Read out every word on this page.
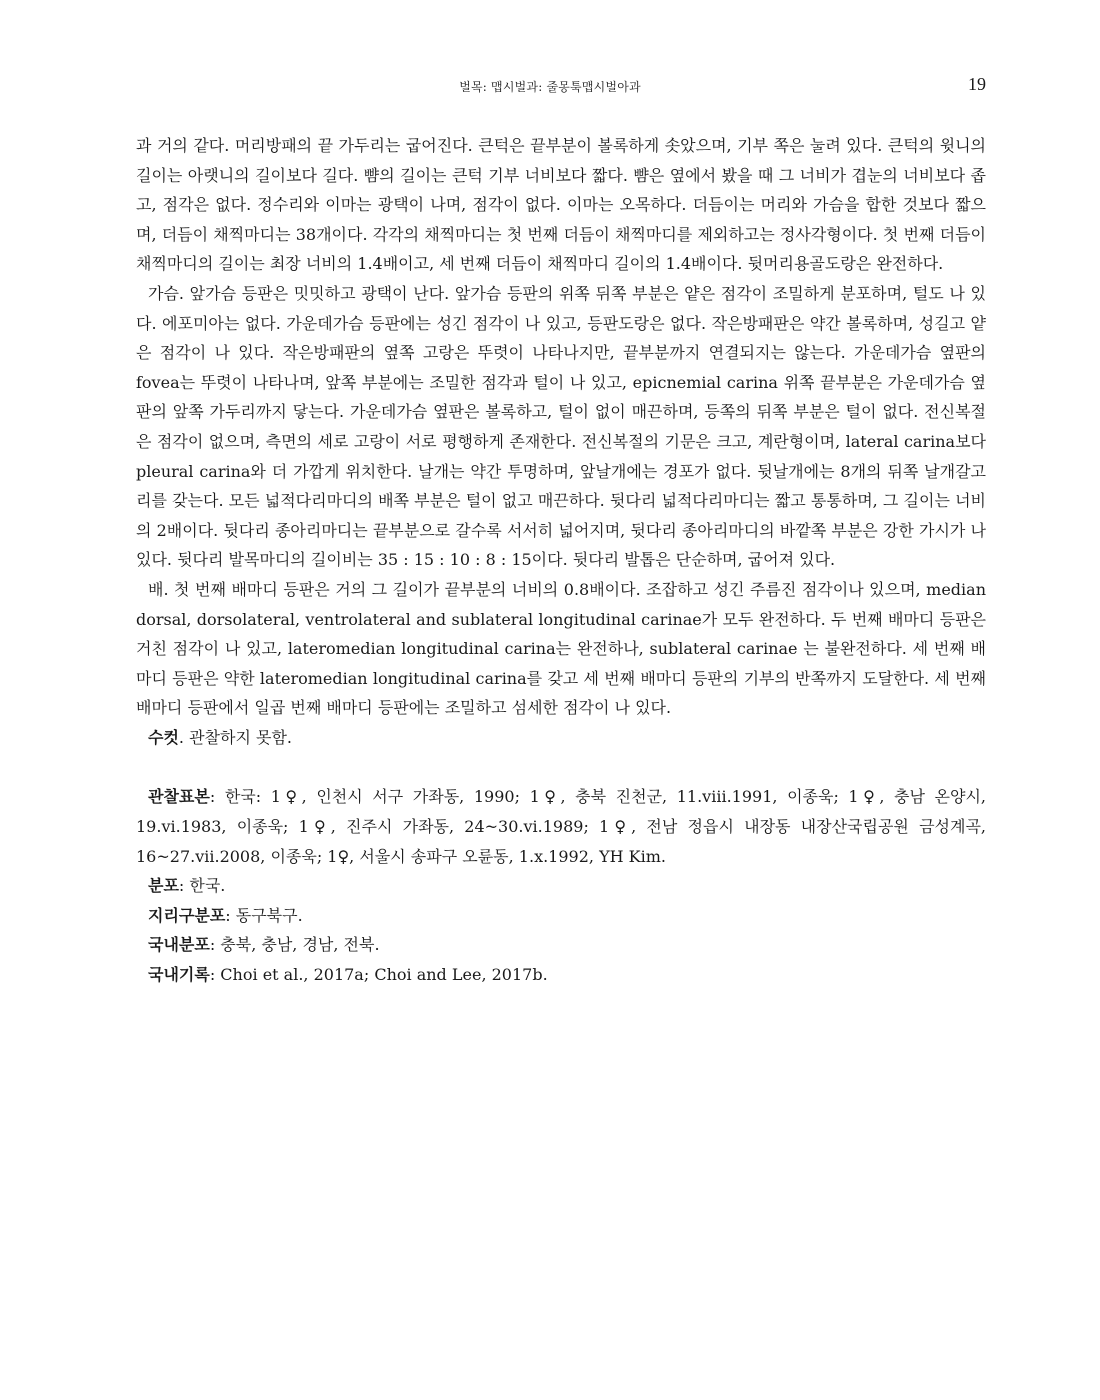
벌목: 맵시벌과: 줄몽툭맵시벌아과	19

과 거의 같다. 머리방패의 끝 가두리는 굽어진다. 큰턱은 끝부분이 볼록하게 솟았으며, 기부 쪽은 눌려 있다. 큰턱의 윗니의 길이는 아랫니의 길이보다 길다. 뺨의 길이는 큰턱 기부 너비보다 짧다. 뺨은 옆에서 봤을 때 그 너비가 겹눈의 너비보다 좁고, 점각은 없다. 정수리와 이마는 광택이 나며, 점각이 없다. 이마는 오목하다. 더듬이는 머리와 가슴을 합한 것보다 짧으며, 더듬이 채찍마디는 38개이다. 각각의 채찍마디는 첫 번째 더듬이 채찍마디를 제외하고는 정사각형이다. 첫 번째 더듬이 채찍마디의 길이는 최장 너비의 1.4배이고, 세 번째 더듬이 채찍마디 길이의 1.4배이다. 뒷머리용골도랑은 완전하다.

가슴. 앞가슴 등판은 밋밋하고 광택이 난다. 앞가슴 등판의 위쪽 뒤쪽 부분은 얕은 점각이 조밀하게 분포하며, 털도 나 있다. 에포미아는 없다. 가운데가슴 등판에는 성긴 점각이 나 있고, 등판도랑은 없다. 작은방패판은 약간 볼록하며, 성길고 얕은 점각이 나 있다. 작은방패판의 옆쪽 고랑은 뚜렷이 나타나지만, 끝부분까지 연결되지는 않는다. 가운데가슴 옆판의 fovea는 뚜렷이 나타나며, 앞쪽 부분에는 조밀한 점각과 털이 나 있고, epicnemial carina 위쪽 끝부분은 가운데가슴 옆판의 앞쪽 가두리까지 닿는다. 가운데가슴 옆판은 볼록하고, 털이 없이 매끈하며, 등쪽의 뒤쪽 부분은 털이 없다. 전신복절은 점각이 없으며, 측면의 세로 고랑이 서로 평행하게 존재한다. 전신복절의 기문은 크고, 계란형이며, lateral carina보다 pleural carina와 더 가깝게 위치한다. 날개는 약간 투명하며, 앞날개에는 경포가 없다. 뒷날개에는 8개의 뒤쪽 날개갈고리를 갖는다. 모든 넓적다리마디의 배쪽 부분은 털이 없고 매끈하다. 뒷다리 넓적다리마디는 짧고 통통하며, 그 길이는 너비의 2배이다. 뒷다리 종아리마디는 끝부분으로 갈수록 서서히 넓어지며, 뒷다리 종아리마디의 바깥쪽 부분은 강한 가시가 나 있다. 뒷다리 발목마디의 길이비는 35 : 15 : 10 : 8 : 15이다. 뒷다리 발톱은 단순하며, 굽어져 있다.

배. 첫 번째 배마디 등판은 거의 그 길이가 끝부분의 너비의 0.8배이다. 조잡하고 성긴 주름진 점각이나 있으며, median dorsal, dorsolateral, ventrolateral and sublateral longitudinal carinae가 모두 완전하다. 두 번째 배마디 등판은 거친 점각이 나 있고, lateromedian longitudinal carina는 완전하나, sublateral carinae 는 불완전하다. 세 번째 배마디 등판은 약한 lateromedian longitudinal carina를 갖고 세 번째 배마디 등판의 기부의 반쪽까지 도달한다. 세 번째 배마디 등판에서 일곱 번째 배마디 등판에는 조밀하고 섬세한 점각이 나 있다.

수컷. 관찰하지 못함.

관찰표본: 한국: 1♀, 인천시 서구 가좌동, 1990; 1♀, 충북 진천군, 11.viii.1991, 이종욱; 1♀, 충남 온양시, 19.vi.1983, 이종욱; 1♀, 진주시 가좌동, 24~30.vi.1989; 1♀, 전남 정읍시 내장동 내장산국립공원 금성계곡, 16~27.vii.2008, 이종욱; 1♀, 서울시 송파구 오륜동, 1.x.1992, YH Kim.

분포: 한국.

지리구분포: 동구북구.

국내분포: 충북, 충남, 경남, 전북.

국내기록: Choi et al., 2017a; Choi and Lee, 2017b.
